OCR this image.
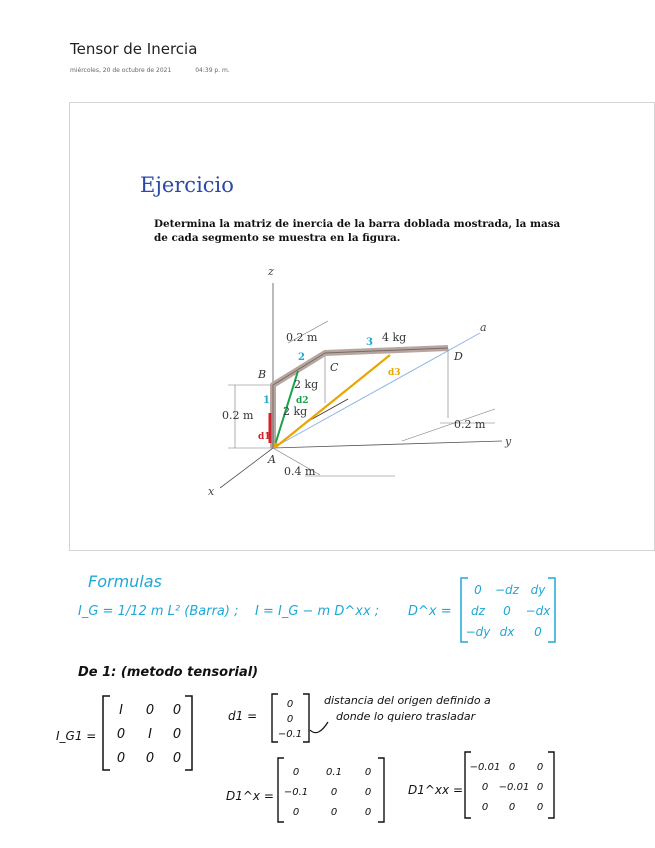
Tensor de Inercia
miércoles, 20 de octubre de 2021	04:39 p. m.
Ejercicio
Determina la matriz de inercia de la barra doblada mostrada, la masa de cada segmento se muestra en la figura.
z
x
y
a
A
B
C
D
0.2 m
0.2 m
0.2 m
0.4 m
2 kg
2 kg
4 kg
1
2
3
d1
d2
d3
Formulas
I_G = 1/12 m L² (Barra) ; I = I_G − m D^xx ; D^x =
0 −dz dy
dz 0 −dx
−dy dx 0
De 1: (metodo tensorial)
I_G1 =
I 0 0
0 I 0
0 0 0
d1 =
0
0
−0.1
distancia del origen definido a
donde lo quiero trasladar
D1^x =
0	0.1 0
−0.1 0	0
0	0	0
D1^xx =
−0.01 0 0
0 −0.01 0
0 0 0
